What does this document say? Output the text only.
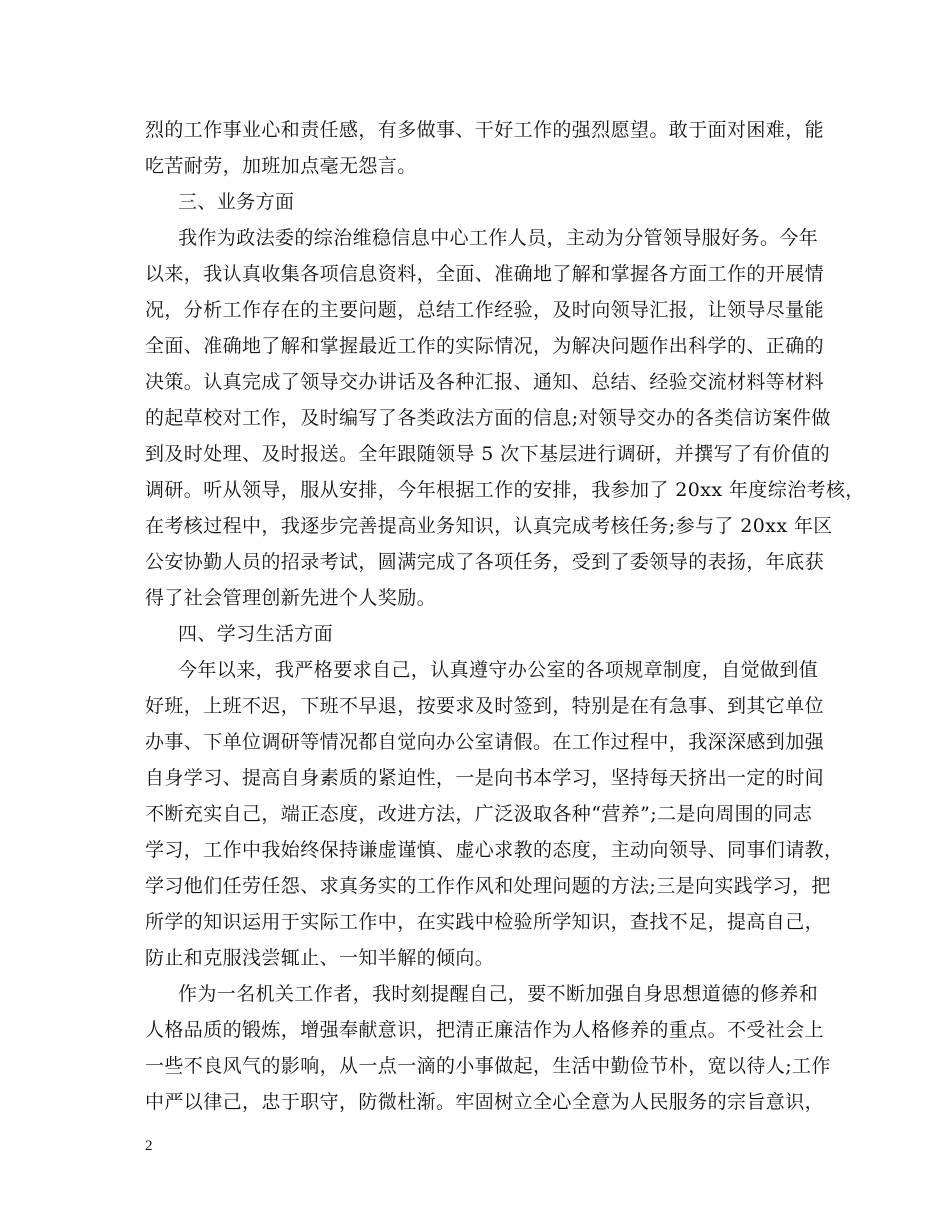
烈的工作事业心和责任感，有多做事、干好工作的强烈愿望。敢于面对困难，能
吃苦耐劳，加班加点毫无怨言。
三、业务方面
我作为政法委的综治维稳信息中心工作人员，主动为分管领导服好务。今年
以来，我认真收集各项信息资料，全面、准确地了解和掌握各方面工作的开展情
况，分析工作存在的主要问题，总结工作经验，及时向领导汇报，让领导尽量能
全面、准确地了解和掌握最近工作的实际情况，为解决问题作出科学的、正确的
决策。认真完成了领导交办讲话及各种汇报、通知、总结、经验交流材料等材料
的起草校对工作，及时编写了各类政法方面的信息;对领导交办的各类信访案件做
到及时处理、及时报送。全年跟随领导 5 次下基层进行调研，并撰写了有价值的
调研。听从领导，服从安排，今年根据工作的安排，我参加了 20xx 年度综治考核，
在考核过程中，我逐步完善提高业务知识，认真完成考核任务;参与了 20xx 年区
公安协勤人员的招录考试，圆满完成了各项任务，受到了委领导的表扬，年底获
得了社会管理创新先进个人奖励。
四、学习生活方面
今年以来，我严格要求自己，认真遵守办公室的各项规章制度，自觉做到值
好班，上班不迟，下班不早退，按要求及时签到，特别是在有急事、到其它单位
办事、下单位调研等情况都自觉向办公室请假。在工作过程中，我深深感到加强
自身学习、提高自身素质的紧迫性，一是向书本学习，坚持每天挤出一定的时间
不断充实自己，端正态度，改进方法，广泛汲取各种“营养”;二是向周围的同志
学习，工作中我始终保持谦虚谨慎、虚心求教的态度，主动向领导、同事们请教，
学习他们任劳任怨、求真务实的工作作风和处理问题的方法;三是向实践学习，把
所学的知识运用于实际工作中，在实践中检验所学知识，查找不足，提高自己，
防止和克服浅尝辄止、一知半解的倾向。
作为一名机关工作者，我时刻提醒自己，要不断加强自身思想道德的修养和
人格品质的锻炼，增强奉献意识，把清正廉洁作为人格修养的重点。不受社会上
一些不良风气的影响，从一点一滴的小事做起，生活中勤俭节朴，宽以待人;工作
中严以律己，忠于职守，防微杜渐。牢固树立全心全意为人民服务的宗旨意识，
2
